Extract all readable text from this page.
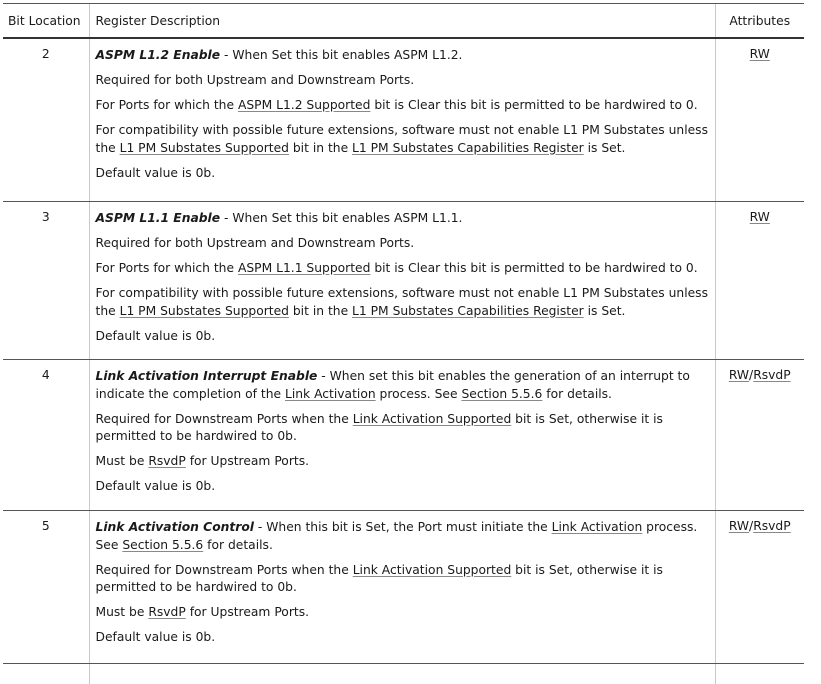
Bit Location	Register Description	Attributes
2	ASPM L1.2 Enable - When Set this bit enables ASPM L1.2.
Required for both Upstream and Downstream Ports.
For Ports for which the ASPM L1.2 Supported bit is Clear this bit is permitted to be hardwired to 0.
For compatibility with possible future extensions, software must not enable L1 PM Substates unless the L1 PM Substates Supported bit in the L1 PM Substates Capabilities Register is Set.
Default value is 0b.	RW
3	ASPM L1.1 Enable - When Set this bit enables ASPM L1.1.
Required for both Upstream and Downstream Ports.
For Ports for which the ASPM L1.1 Supported bit is Clear this bit is permitted to be hardwired to 0.
For compatibility with possible future extensions, software must not enable L1 PM Substates unless the L1 PM Substates Supported bit in the L1 PM Substates Capabilities Register is Set.
Default value is 0b.	RW
4	Link Activation Interrupt Enable - When set this bit enables the generation of an interrupt to indicate the completion of the Link Activation process. See Section 5.5.6 for details.
Required for Downstream Ports when the Link Activation Supported bit is Set, otherwise it is permitted to be hardwired to 0b.
Must be RsvdP for Upstream Ports.
Default value is 0b.	RW/RsvdP
5	Link Activation Control - When this bit is Set, the Port must initiate the Link Activation process. See Section 5.5.6 for details.
Required for Downstream Ports when the Link Activation Supported bit is Set, otherwise it is permitted to be hardwired to 0b.
Must be RsvdP for Upstream Ports.
Default value is 0b.	RW/RsvdP
